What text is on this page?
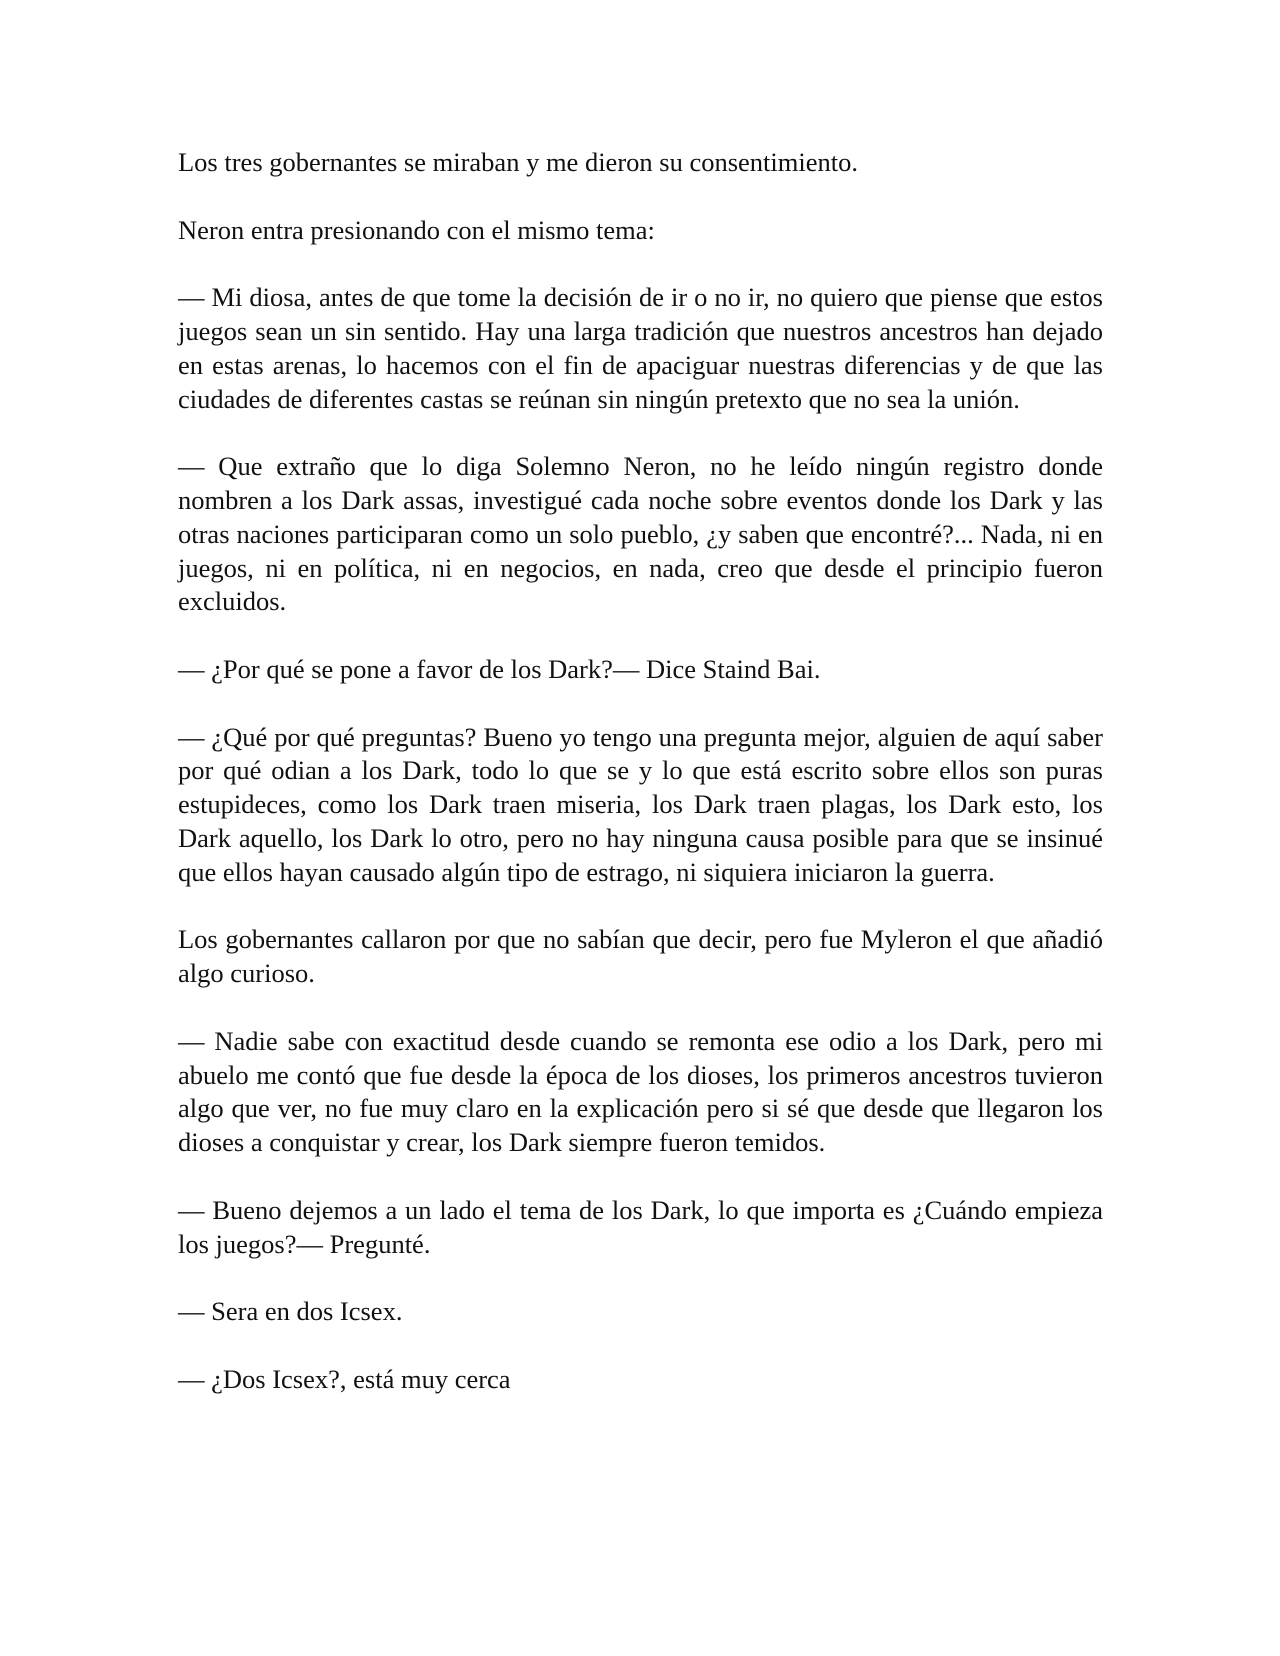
Los tres gobernantes se miraban y me dieron su consentimiento.

Neron entra presionando con el mismo tema:

— Mi diosa, antes de que tome la decisión de ir o no ir, no quiero que piense que estos juegos sean un sin sentido. Hay una larga tradición que nuestros ancestros han dejado en estas arenas, lo hacemos con el fin de apaciguar nuestras diferencias y de que las ciudades de diferentes castas se reúnan sin ningún pretexto que no sea la unión.

— Que extraño que lo diga Solemno Neron, no he leído ningún registro donde nombren a los Dark assas, investigué cada noche sobre eventos donde los Dark y las otras naciones participaran como un solo pueblo, ¿y saben que encontré?... Nada, ni en juegos, ni en política, ni en negocios, en nada, creo que desde el principio fueron excluidos.

— ¿Por qué se pone a favor de los Dark?— Dice Staind Bai.

— ¿Qué por qué preguntas? Bueno yo tengo una pregunta mejor, alguien de aquí saber por qué odian a los Dark, todo lo que se y lo que está escrito sobre ellos son puras estupideces, como los Dark traen miseria, los Dark traen plagas, los Dark esto, los Dark aquello, los Dark lo otro, pero no hay ninguna causa posible para que se insinué que ellos hayan causado algún tipo de estrago, ni siquiera iniciaron la guerra.

Los gobernantes callaron por que no sabían que decir, pero fue Myleron el que añadió algo curioso.

— Nadie sabe con exactitud desde cuando se remonta ese odio a los Dark, pero mi abuelo me contó que fue desde la época de los dioses, los primeros ancestros tuvieron algo que ver, no fue muy claro en la explicación pero si sé que desde que llegaron los dioses a conquistar y crear, los Dark siempre fueron temidos.

— Bueno dejemos a un lado el tema de los Dark, lo que importa es ¿Cuándo empieza los juegos?— Pregunté.

— Sera en dos Icsex.

— ¿Dos Icsex?, está muy cerca
